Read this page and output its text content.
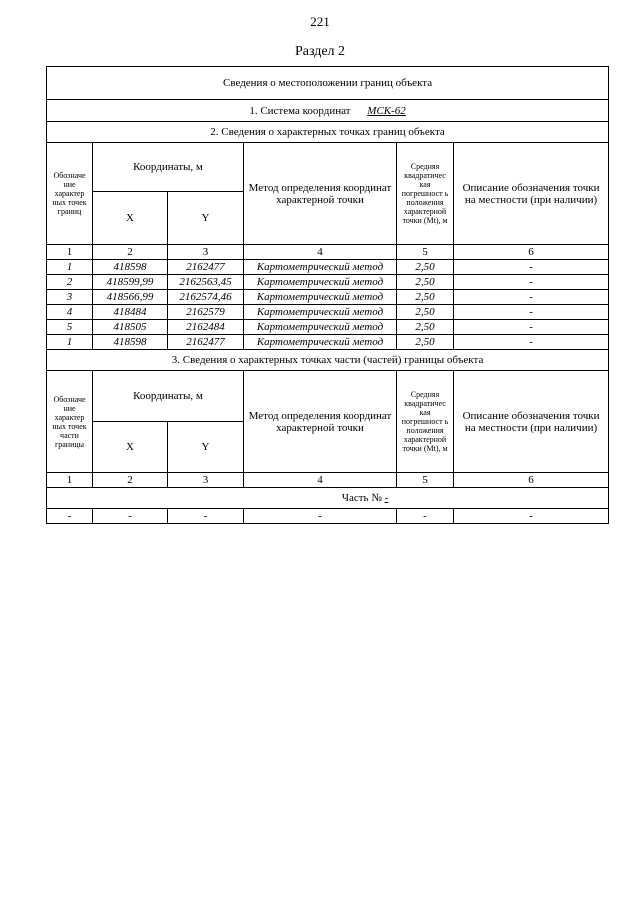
221
Раздел 2
Сведения о местоположении границ объекта					
1. Система координат МСК-62					
2. Сведения о характерных точках границ объекта					
Обозначе ние характер ных точек границ	Координаты, м		Метод определения координат характерной точки	Средняя квадратичес кая погрешност ь положения характерной точки (Mt), м	Описание обозначения точки на местности (при наличии)
	X	Y			
1	2	3	4	5	6
1	418598	2162477	Картометрический метод	2,50	-
2	418599,99	2162563,45	Картометрический метод	2,50	-
3	418566,99	2162574,46	Картометрический метод	2,50	-
4	418484	2162579	Картометрический метод	2,50	-
5	418505	2162484	Картометрический метод	2,50	-
1	418598	2162477	Картометрический метод	2,50	-
3. Сведения о характерных точках части (частей) границы объекта					
Обозначе ние характер ных точек части границы	Координаты, м		Метод определения координат характерной точки	Средняя квадратичес кая погрешност ь положения характерной точки (Mt), м	Описание обозначения точки на местности (при наличии)
	X	Y			
1	2	3	4	5	6
Часть № -					
-	-	-	-	-	-
